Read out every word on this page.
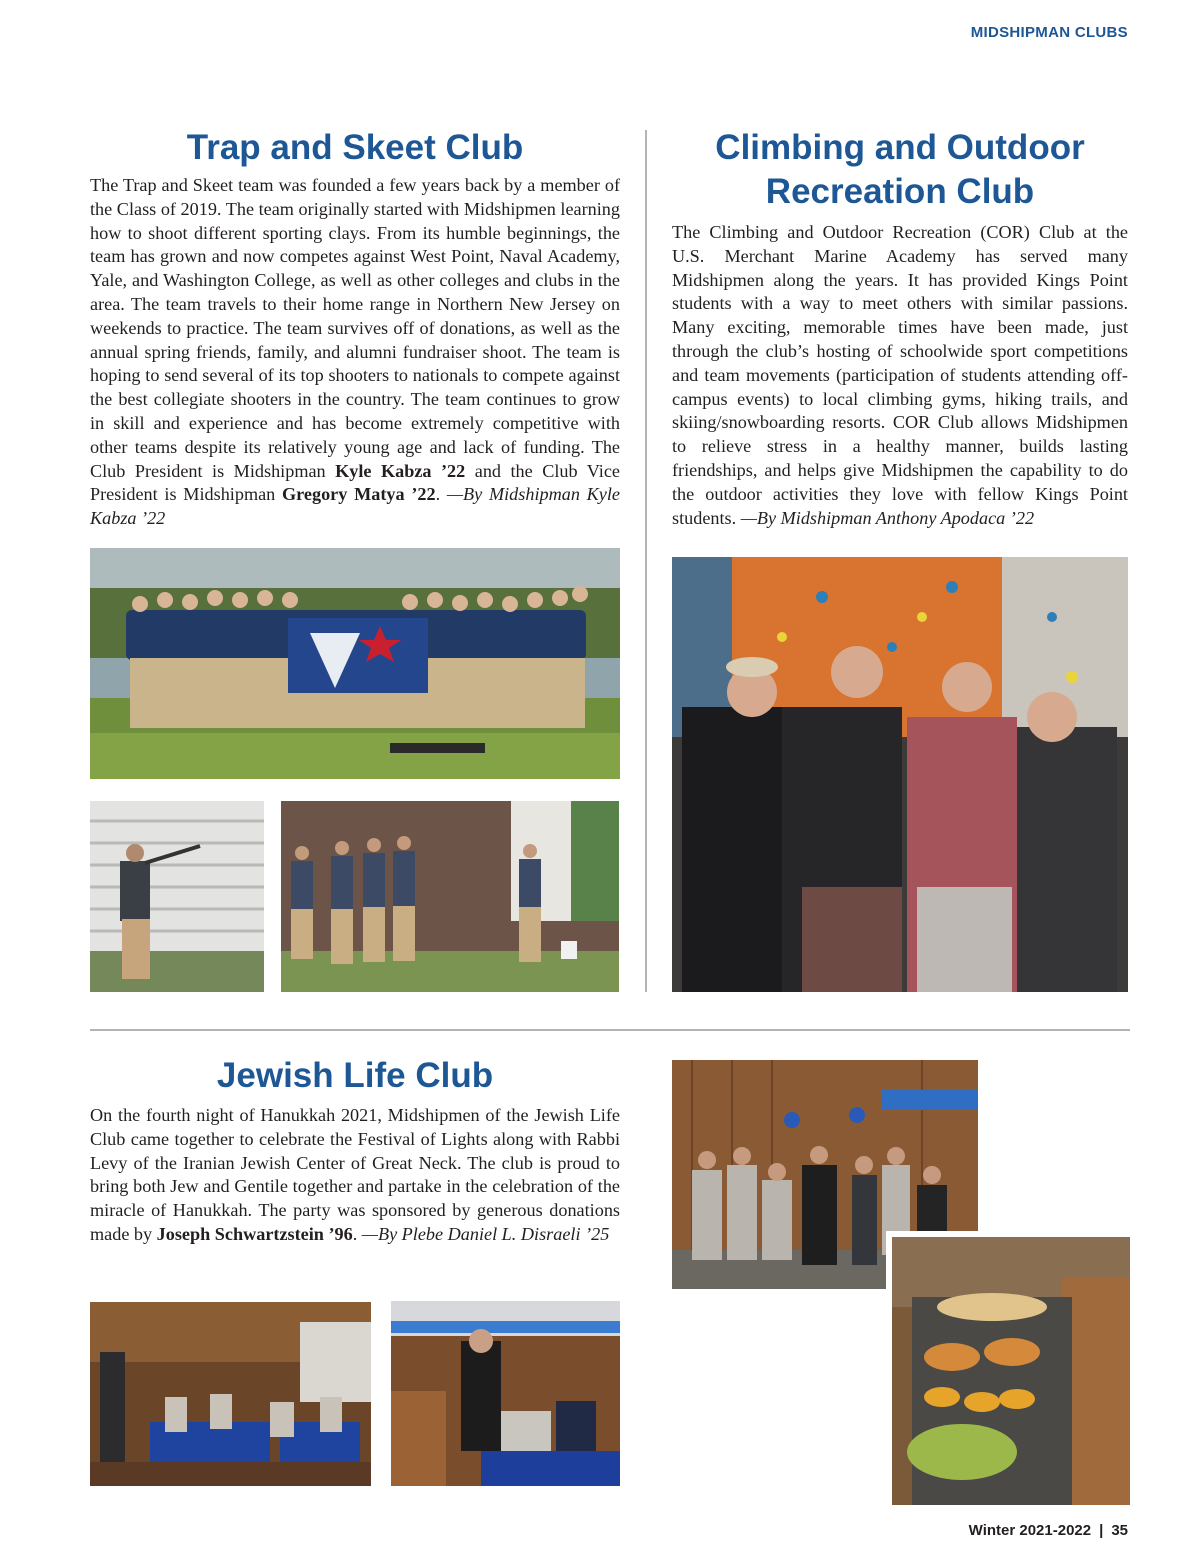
MIDSHIPMAN CLUBS
Trap and Skeet Club
The Trap and Skeet team was founded a few years back by a member of the Class of 2019. The team originally started with Midshipmen learning how to shoot different sporting clays. From its humble beginnings, the team has grown and now competes against West Point, Naval Academy, Yale, and Washington College, as well as other colleges and clubs in the area. The team travels to their home range in Northern New Jersey on weekends to practice. The team survives off of donations, as well as the annual spring friends, family, and alumni fundraiser shoot. The team is hoping to send several of its top shooters to nationals to compete against the best collegiate shooters in the country. The team continues to grow in skill and experience and has become extremely competitive with other teams despite its relatively young age and lack of funding. The Club President is Midshipman Kyle Kabza ’22 and the Club Vice President is Midshipman Gregory Matya ’22. —By Midshipman Kyle Kabza ’22
Climbing and Outdoor
Recreation Club
The Climbing and Outdoor Recreation (COR) Club at the U.S. Merchant Marine Academy has served many Midshipmen along the years. It has provided Kings Point students with a way to meet others with similar passions. Many exciting, memorable times have been made, just through the club’s hosting of schoolwide sport competitions and team movements (participation of students attending off-campus events) to local climbing gyms, hiking trails, and skiing/snowboarding resorts. COR Club allows Midshipmen to relieve stress in a healthy manner, builds lasting friendships, and helps give Midshipmen the capability to do the outdoor activities they love with fellow Kings Point students. —By Midshipman Anthony Apodaca ’22
Jewish Life Club
On the fourth night of Hanukkah 2021, Midshipmen of the Jewish Life Club came together to celebrate the Festival of Lights along with Rabbi Levy of the Iranian Jewish Center of Great Neck. The club is proud to bring both Jew and Gentile together and partake in the celebration of the miracle of Hanukkah. The party was sponsored by generous donations made by Joseph Schwartzstein ’96. —By Plebe Daniel L. Disraeli ’25
Winter 2021-2022 | 35
